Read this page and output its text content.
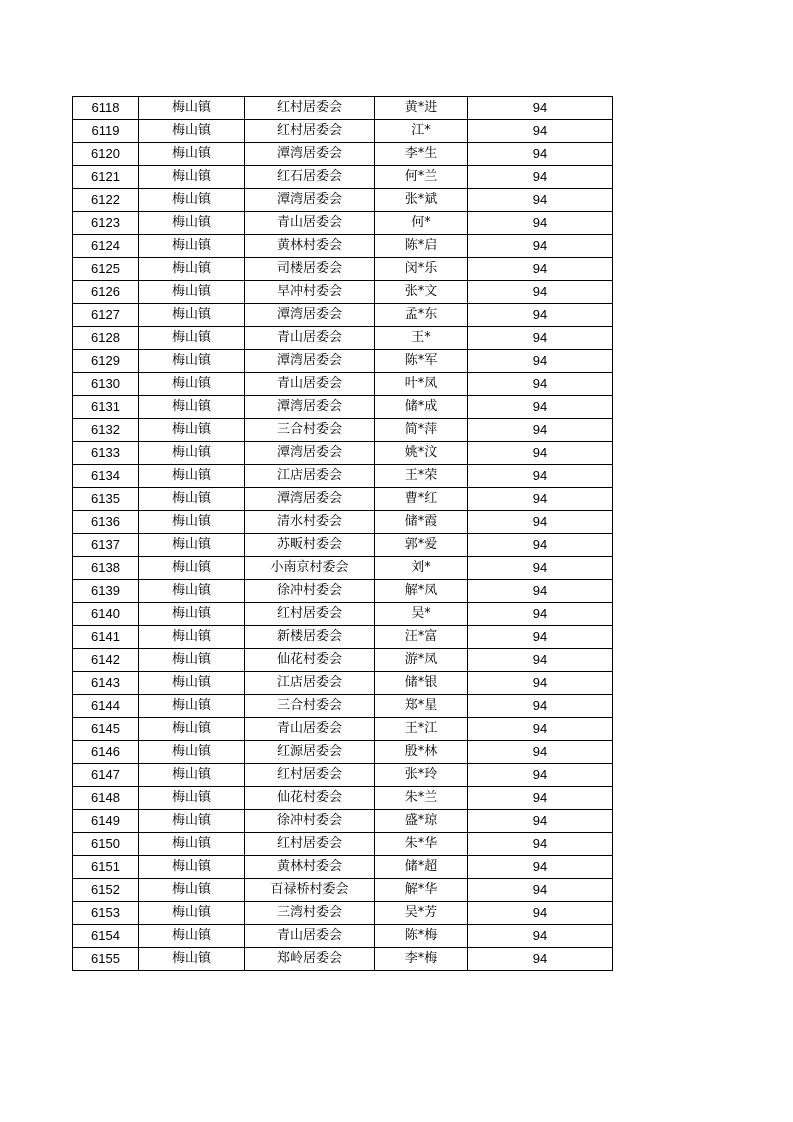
6118	梅山镇	红村居委会	黄*进	94
6119	梅山镇	红村居委会	江*	94
6120	梅山镇	潭湾居委会	李*生	94
6121	梅山镇	红石居委会	何*兰	94
6122	梅山镇	潭湾居委会	张*斌	94
6123	梅山镇	青山居委会	何*	94
6124	梅山镇	黄林村委会	陈*启	94
6125	梅山镇	司楼居委会	闵*乐	94
6126	梅山镇	早冲村委会	张*文	94
6127	梅山镇	潭湾居委会	孟*东	94
6128	梅山镇	青山居委会	王*	94
6129	梅山镇	潭湾居委会	陈*军	94
6130	梅山镇	青山居委会	叶*凤	94
6131	梅山镇	潭湾居委会	储*成	94
6132	梅山镇	三合村委会	简*萍	94
6133	梅山镇	潭湾居委会	姚*汶	94
6134	梅山镇	江店居委会	王*荣	94
6135	梅山镇	潭湾居委会	曹*红	94
6136	梅山镇	清水村委会	储*霞	94
6137	梅山镇	苏畈村委会	郭*爱	94
6138	梅山镇	小南京村委会	刘*	94
6139	梅山镇	徐冲村委会	解*凤	94
6140	梅山镇	红村居委会	吴*	94
6141	梅山镇	新楼居委会	汪*富	94
6142	梅山镇	仙花村委会	游*凤	94
6143	梅山镇	江店居委会	储*银	94
6144	梅山镇	三合村委会	郑*星	94
6145	梅山镇	青山居委会	王*江	94
6146	梅山镇	红源居委会	殷*林	94
6147	梅山镇	红村居委会	张*玲	94
6148	梅山镇	仙花村委会	朱*兰	94
6149	梅山镇	徐冲村委会	盛*琼	94
6150	梅山镇	红村居委会	朱*华	94
6151	梅山镇	黄林村委会	储*超	94
6152	梅山镇	百禄桥村委会	解*华	94
6153	梅山镇	三湾村委会	吴*芳	94
6154	梅山镇	青山居委会	陈*梅	94
6155	梅山镇	郑岭居委会	李*梅	94
